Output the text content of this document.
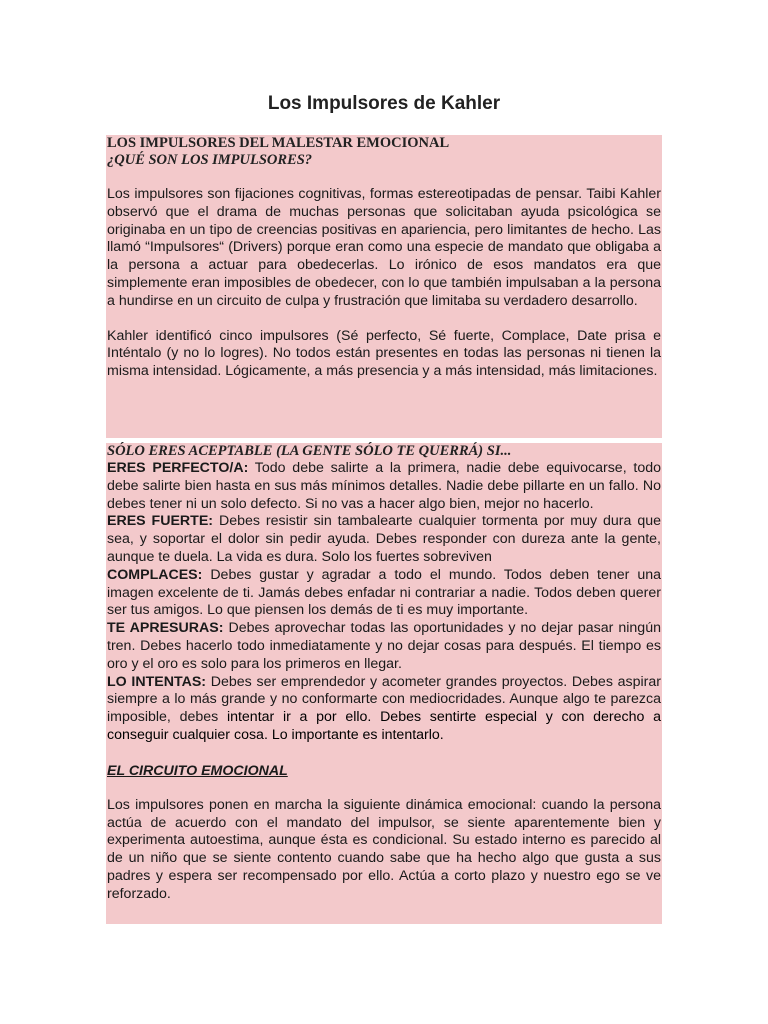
Los Impulsores de Kahler

LOS IMPULSORES DEL MALESTAR EMOCIONAL

¿QUÉ SON LOS IMPULSORES?

Los impulsores son fijaciones cognitivas, formas estereotipadas de pensar. Taibi Kahler observó que el drama de muchas personas que solicitaban ayuda psicológica se originaba en un tipo de creencias positivas en apariencia, pero limitantes de hecho. Las llamó “Impulsores“ (Drivers) porque eran como una especie de mandato que obligaba a la persona a actuar para obedecerlas. Lo irónico de esos mandatos era que simplemente eran imposibles de obedecer, con lo que también impulsaban a la persona a hundirse en un circuito de culpa y frustración que limitaba su verdadero desarrollo.

Kahler identificó cinco impulsores (Sé perfecto, Sé fuerte, Complace, Date prisa e Inténtalo (y no lo logres). No todos están presentes en todas las personas ni tienen la misma intensidad. Lógicamente, a más presencia y a más intensidad, más limitaciones.

SÓLO ERES ACEPTABLE (LA GENTE SÓLO TE QUERRÁ) SI...

ERES PERFECTO/A: Todo debe salirte a la primera, nadie debe equivocarse, todo debe salirte bien hasta en sus más mínimos detalles. Nadie debe pillarte en un fallo. No debes tener ni un solo defecto. Si no vas a hacer algo bien, mejor no hacerlo.

ERES FUERTE: Debes resistir sin tambalearte cualquier tormenta por muy dura que sea, y soportar el dolor sin pedir ayuda. Debes responder con dureza ante la gente, aunque te duela. La vida es dura. Solo los fuertes sobreviven

COMPLACES: Debes gustar y agradar a todo el mundo. Todos deben tener una imagen excelente de ti. Jamás debes enfadar ni contrariar a nadie. Todos deben querer ser tus amigos. Lo que piensen los demás de ti es muy importante.

TE APRESURAS: Debes aprovechar todas las oportunidades y no dejar pasar ningún tren. Debes hacerlo todo inmediatamente y no dejar cosas para después. El tiempo es oro y el oro es solo para los primeros en llegar.

LO INTENTAS: Debes ser emprendedor y acometer grandes proyectos. Debes aspirar siempre a lo más grande y no conformarte con mediocridades. Aunque algo te parezca imposible, debes intentar ir a por ello. Debes sentirte especial y con derecho a conseguir cualquier cosa. Lo importante es intentarlo.

EL CIRCUITO EMOCIONAL

Los impulsores ponen en marcha la siguiente dinámica emocional: cuando la persona actúa de acuerdo con el mandato del impulsor, se siente aparentemente bien y experimenta autoestima, aunque ésta es condicional. Su estado interno es parecido al de un niño que se siente contento cuando sabe que ha hecho algo que gusta a sus padres y espera ser recompensado por ello. Actúa a corto plazo y nuestro ego se ve reforzado.
